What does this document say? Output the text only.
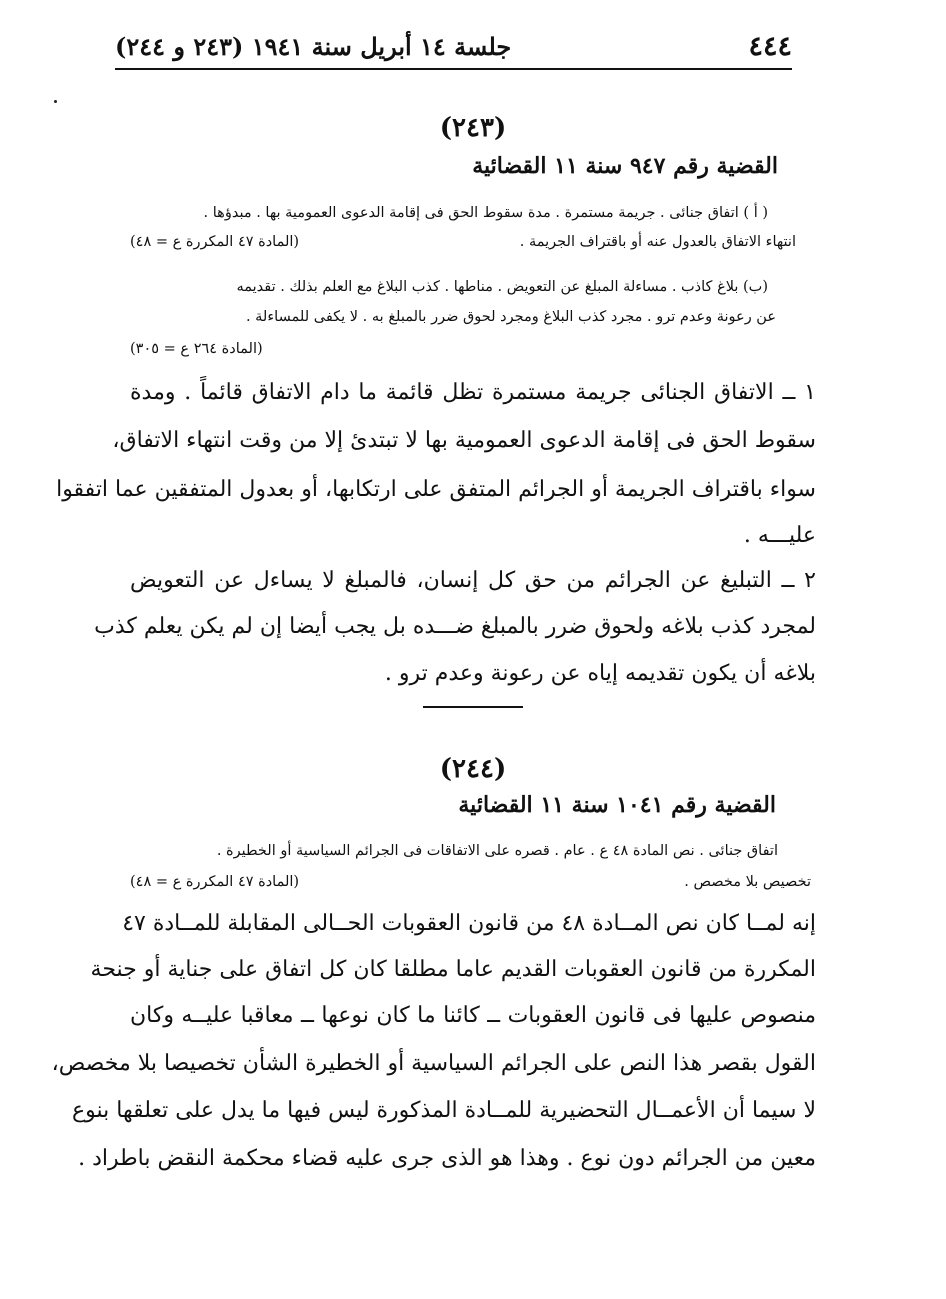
٤٤٤
جلسة ١٤ أبريل سنة ١٩٤١ (٢٤٣ و ٢٤٤)
(٢٤٣)
القضية رقم ٩٤٧ سنة ١١ القضائية
( أ ) اتفاق جنائى . جريمة مستمرة . مدة سقوط الحق فى إقامة الدعوى العمومية بها . مبدؤها .
انتهاء الاتفاق بالعدول عنه أو باقتراف الجريمة .
(المادة ٤٧ المكررة ع = ٤٨)
(ب) بلاغ كاذب . مساءلة المبلغ عن التعويض . مناطها . كذب البلاغ مع العلم بذلك . تقديمه
عن رعونة وعدم ترو . مجرد كذب البلاغ ومجرد لحوق ضرر بالمبلغ به . لا يكفى للمساءلة .
(المادة ٢٦٤ ع = ٣٠٥)
١ ــ الاتفاق الجنائى جريمة مستمرة تظل قائمة ما دام الاتفاق قائماً . ومدة
سقوط الحق فى إقامة الدعوى العمومية بها لا تبتدئ إلا من وقت انتهاء الاتفاق،
سواء باقتراف الجريمة أو الجرائم المتفق على ارتكابها، أو بعدول المتفقين عما اتفقوا
عليـــه .
٢ ــ التبليغ عن الجرائم من حق كل إنسان، فالمبلغ لا يساءل عن التعويض
لمجرد كذب بلاغه ولحوق ضرر بالمبلغ ضـــده بل يجب أيضا إن لم يكن يعلم كذب
بلاغه أن يكون تقديمه إياه عن رعونة وعدم ترو .
(٢٤٤)
القضية رقم ١٠٤١ سنة ١١ القضائية
اتفاق جنائى . نص المادة ٤٨ ع . عام . قصره على الاتفاقات فى الجرائم السياسية أو الخطيرة .
تخصيص بلا مخصص .
(المادة ٤٧ المكررة ع = ٤٨)
إنه لمــا كان نص المــادة ٤٨ من قانون العقوبات الحــالى المقابلة للمــادة ٤٧
المكررة من قانون العقوبات القديم عاما مطلقا كان كل اتفاق على جناية أو جنحة
منصوص عليها فى قانون العقوبات ــ كائنا ما كان نوعها ــ معاقبا عليــه وكان
القول بقصر هذا النص على الجرائم السياسية أو الخطيرة الشأن تخصيصا بلا مخصص،
لا سيما أن الأعمــال التحضيرية للمــادة المذكورة ليس فيها ما يدل على تعلقها بنوع
معين من الجرائم دون نوع . وهذا هو الذى جرى عليه قضاء محكمة النقض باطراد .
